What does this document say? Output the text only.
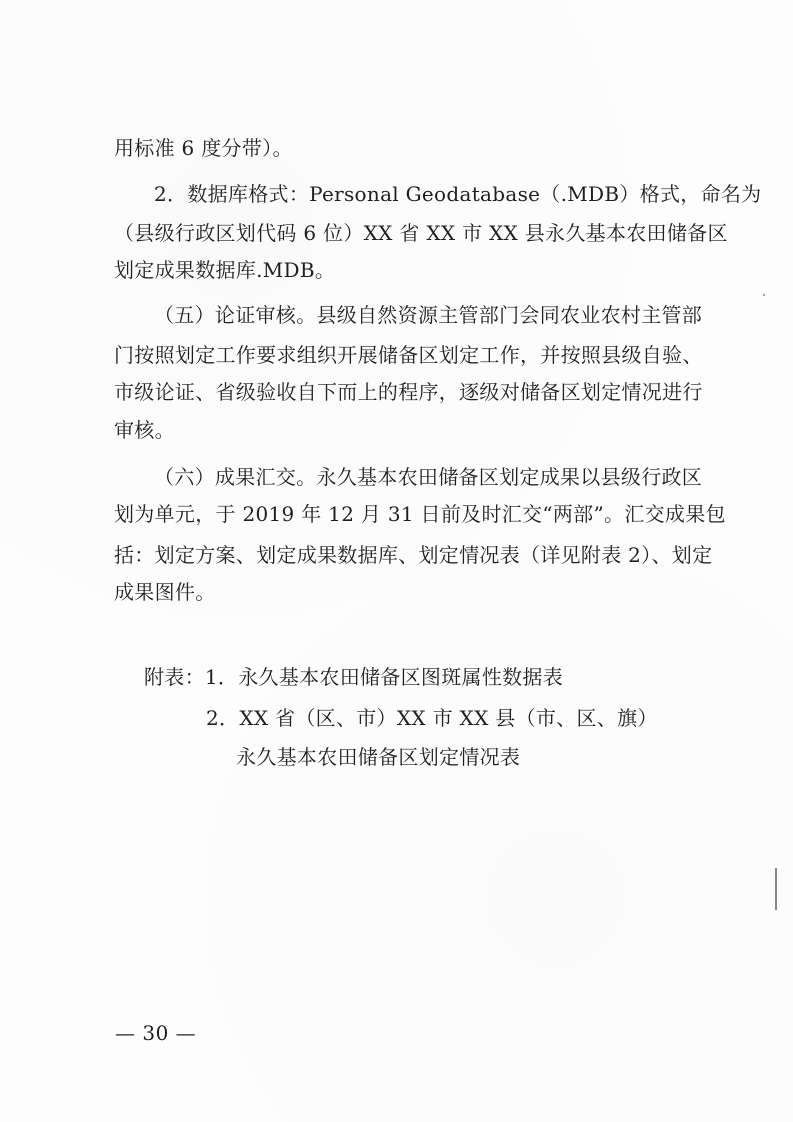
用标准 6 度分带）。
2．数据库格式：Personal Geodatabase（.MDB）格式，命名为
（县级行政区划代码 6 位）XX 省 XX 市 XX 县永久基本农田储备区
划定成果数据库.MDB。
（五）论证审核。县级自然资源主管部门会同农业农村主管部
门按照划定工作要求组织开展储备区划定工作，并按照县级自验、
市级论证、省级验收自下而上的程序，逐级对储备区划定情况进行
审核。
（六）成果汇交。永久基本农田储备区划定成果以县级行政区
划为单元，于 2019 年 12 月 31 日前及时汇交“两部”。汇交成果包
括：划定方案、划定成果数据库、划定情况表（详见附表 2）、划定
成果图件。
附表：1．永久基本农田储备区图斑属性数据表
2．XX 省（区、市）XX 市 XX 县（市、区、旗）
永久基本农田储备区划定情况表
— 30 —
